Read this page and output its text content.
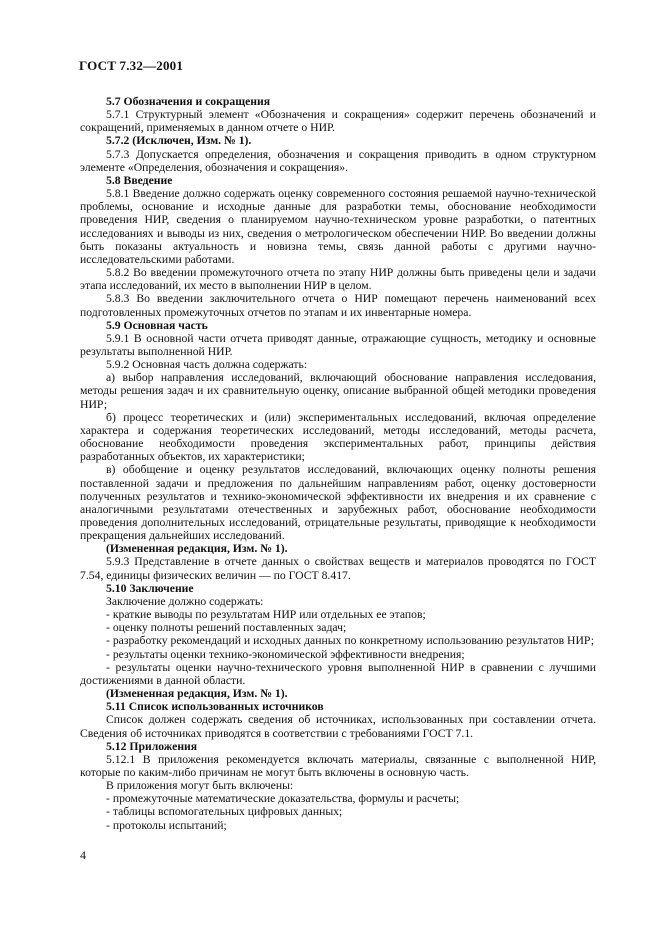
ГОСТ 7.32—2001

5.7 Обозначения и сокращения

5.7.1 Структурный элемент «Обозначения и сокращения» содержит перечень обозначений и сокращений, применяемых в данном отчете о НИР.

5.7.2 (Исключен, Изм. № 1).

5.7.3 Допускается определения, обозначения и сокращения приводить в одном структурном элементе «Определения, обозначения и сокращения».

5.8 Введение

5.8.1 Введение должно содержать оценку современного состояния решаемой научно-технической проблемы, основание и исходные данные для разработки темы, обоснование необходимости проведения НИР, сведения о планируемом научно-техническом уровне разработки, о патентных исследованиях и выводы из них, сведения о метрологическом обеспечении НИР. Во введении должны быть показаны актуальность и новизна темы, связь данной работы с другими научно-исследовательскими работами.

5.8.2 Во введении промежуточного отчета по этапу НИР должны быть приведены цели и задачи этапа исследований, их место в выполнении НИР в целом.

5.8.3 Во введении заключительного отчета о НИР помещают перечень наименований всех подготовленных промежуточных отчетов по этапам и их инвентарные номера.

5.9 Основная часть

5.9.1 В основной части отчета приводят данные, отражающие сущность, методику и основные результаты выполненной НИР.

5.9.2 Основная часть должна содержать:

а) выбор направления исследований, включающий обоснование направления исследования, методы решения задач и их сравнительную оценку, описание выбранной общей методики проведения НИР;

б) процесс теоретических и (или) экспериментальных исследований, включая определение характера и содержания теоретических исследований, методы исследований, методы расчета, обоснование необходимости проведения экспериментальных работ, принципы действия разработанных объектов, их характеристики;

в) обобщение и оценку результатов исследований, включающих оценку полноты решения поставленной задачи и предложения по дальнейшим направлениям работ, оценку достоверности полученных результатов и технико-экономической эффективности их внедрения и их сравнение с аналогичными результатами отечественных и зарубежных работ, обоснование необходимости проведения дополнительных исследований, отрицательные результаты, приводящие к необходимости прекращения дальнейших исследований.

(Измененная редакция, Изм. № 1).

5.9.3 Представление в отчете данных о свойствах веществ и материалов проводятся по ГОСТ 7.54, единицы физических величин — по ГОСТ 8.417.

5.10 Заключение

Заключение должно содержать:

- краткие выводы по результатам НИР или отдельных ее этапов;

- оценку полноты решений поставленных задач;

- разработку рекомендаций и исходных данных по конкретному использованию результатов НИР;

- результаты оценки технико-экономической эффективности внедрения;

- результаты оценки научно-технического уровня выполненной НИР в сравнении с лучшими достижениями в данной области.

(Измененная редакция, Изм. № 1).

5.11 Список использованных источников

Список должен содержать сведения об источниках, использованных при составлении отчета. Сведения об источниках приводятся в соответствии с требованиями ГОСТ 7.1.

5.12 Приложения

5.12.1 В приложения рекомендуется включать материалы, связанные с выполненной НИР, которые по каким-либо причинам не могут быть включены в основную часть.

В приложения могут быть включены:

- промежуточные математические доказательства, формулы и расчеты;

- таблицы вспомогательных цифровых данных;

- протоколы испытаний;

4
